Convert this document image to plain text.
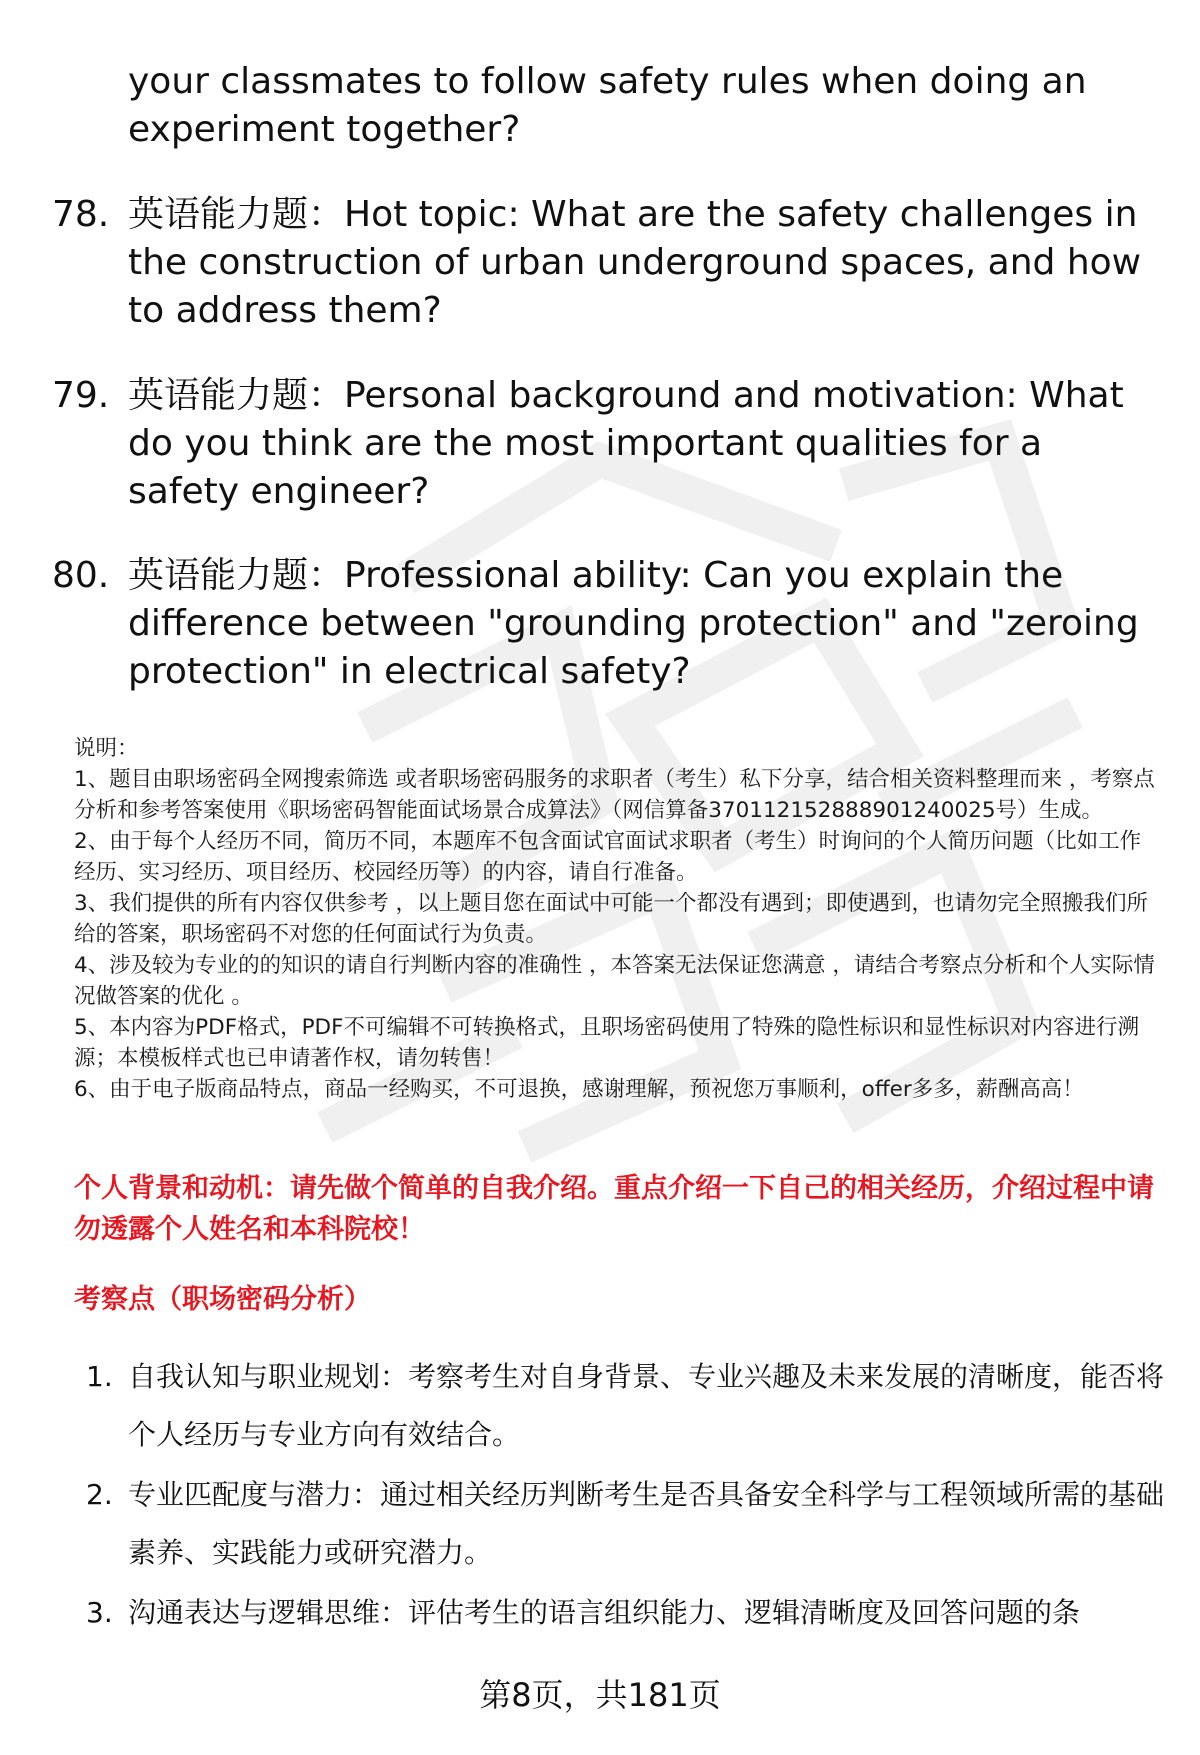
your classmates to follow safety rules when doing an experiment together?

78. 英语能力题：Hot topic: What are the safety challenges in the construction of urban underground spaces, and how to address them?
79. 英语能力题：Personal background and motivation: What do you think are the most important qualities for a safety engineer?
80. 英语能力题：Professional ability: Can you explain the difference between "grounding protection" and "zeroing protection" in electrical safety?

说明：

1、题目由职场密码全网搜索筛选 或者职场密码服务的求职者（考生）私下分享，结合相关资料整理而来 ，考察点分析和参考答案使用《职场密码智能面试场景合成算法》（网信算备370112152888901240025号）生成。

2、由于每个人经历不同，简历不同，本题库不包含面试官面试求职者（考生）时询问的个人简历问题（比如工作经历、实习经历、项目经历、校园经历等）的内容，请自行准备。

3、我们提供的所有内容仅供参考 ，以上题目您在面试中可能一个都没有遇到；即使遇到，也请勿完全照搬我们所给的答案，职场密码不对您的任何面试行为负责。

4、涉及较为专业的的知识的请自行判断内容的准确性 ，本答案无法保证您满意 ，请结合考察点分析和个人实际情况做答案的优化 。

5、本内容为PDF格式，PDF不可编辑不可转换格式，且职场密码使用了特殊的隐性标识和显性标识对内容进行溯源；本模板样式也已申请著作权，请勿转售！

6、由于电子版商品特点，商品一经购买，不可退换，感谢理解，预祝您万事顺利，offer多多，薪酬高高！

个人背景和动机：请先做个简单的自我介绍。重点介绍一下自己的相关经历，介绍过程中请勿透露个人姓名和本科院校！
考察点（职场密码分析）
1. 自我认知与职业规划：考察考生对自身背景、专业兴趣及未来发展的清晰度，能否将个人经历与专业方向有效结合。
2. 专业匹配度与潜力：通过相关经历判断考生是否具备安全科学与工程领域所需的基础素养、实践能力或研究潜力。
3. 沟通表达与逻辑思维：评估考生的语言组织能力、逻辑清晰度及回答问题的条
第8页，共181页
